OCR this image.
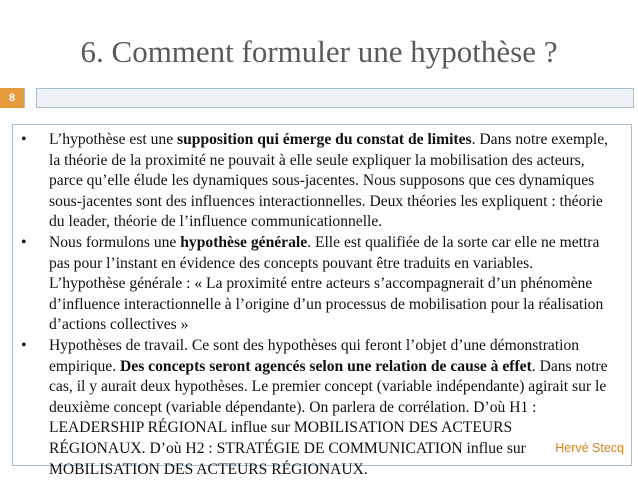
6. Comment formuler une hypothèse ?
8
• L’hypothèse est une supposition qui émerge du constat de limites. Dans notre exemple, la théorie de la proximité ne pouvait à elle seule expliquer la mobilisation des acteurs, parce qu’elle élude les dynamiques sous-jacentes. Nous supposons que ces dynamiques sous-jacentes sont des influences interactionnelles. Deux théories les expliquent : théorie du leader, théorie de l’influence communicationnelle.
• Nous formulons une hypothèse générale. Elle est qualifiée de la sorte car elle ne mettra pas pour l’instant en évidence des concepts pouvant être traduits en variables. L’hypothèse générale : « La proximité entre acteurs s’accompagnerait d’un phénomène d’influence interactionnelle à l’origine d’un processus de mobilisation pour la réalisation d’actions collectives »
• Hypothèses de travail. Ce sont des hypothèses qui feront l’objet d’une démonstration empirique. Des concepts seront agencés selon une relation de cause à effet. Dans notre cas, il y aurait deux hypothèses. Le premier concept (variable indépendante) agirait sur le deuxième concept (variable dépendante). On parlera de corrélation. D’où H1 : LEADERSHIP RÉGIONAL influe sur MOBILISATION DES ACTEURS RÉGIONAUX. D’où H2 : STRATÉGIE DE COMMUNICATION influe sur MOBILISATION DES ACTEURS RÉGIONAUX.
Hervé Stecq
